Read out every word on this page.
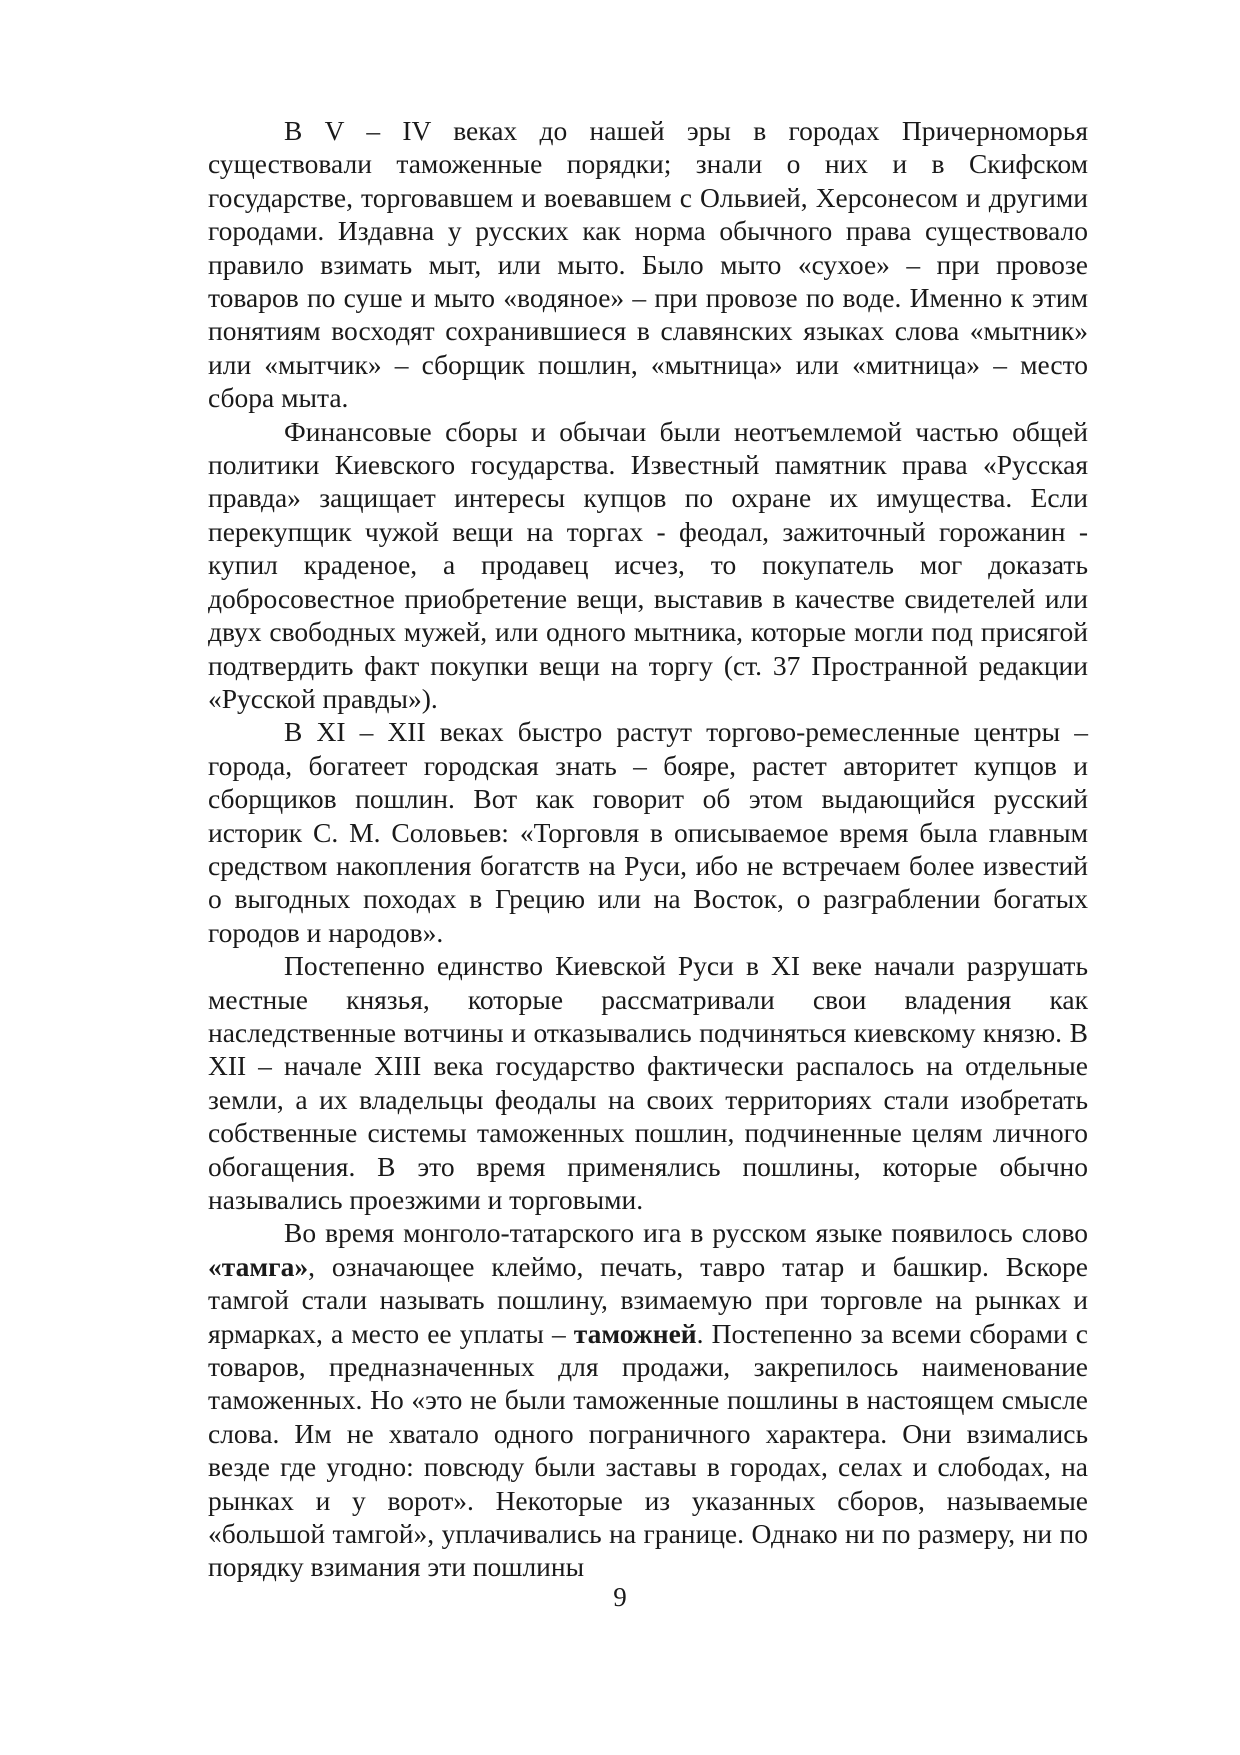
В V – IV веках до нашей эры в городах Причерноморья существовали таможенные порядки; знали о них и в Скифском государстве, торговавшем и воевавшем с Ольвией, Херсонесом и другими городами. Издавна у русских как норма обычного права существовало правило взимать мыт, или мыто. Было мыто «сухое» – при провозе товаров по суше и мыто «водяное» – при провозе по воде. Именно к этим понятиям восходят сохранившиеся в славянских языках слова «мытник» или «мытчик» – сборщик пошлин, «мытница» или «митница» – место сбора мыта.

Финансовые сборы и обычаи были неотъемлемой частью общей политики Киевского государства. Известный памятник права «Русская правда» защищает интересы купцов по охране их имущества. Если перекупщик чужой вещи на торгах - феодал, зажиточный горожанин - купил краденое, а продавец исчез, то покупатель мог доказать добросовестное приобретение вещи, выставив в качестве свидетелей или двух свободных мужей, или одного мытника, которые могли под присягой подтвердить факт покупки вещи на торгу (ст. 37 Пространной редакции «Русской правды»).

В XI – XII веках быстро растут торгово-ремесленные центры – города, богатеет городская знать – бояре, растет авторитет купцов и сборщиков пошлин. Вот как говорит об этом выдающийся русский историк С. М. Соловьев: «Торговля в описываемое время была главным средством накопления богатств на Руси, ибо не встречаем более известий о выгодных походах в Грецию или на Восток, о разграблении богатых городов и народов».

Постепенно единство Киевской Руси в XI веке начали разрушать местные князья, которые рассматривали свои владения как наследственные вотчины и отказывались подчиняться киевскому князю. В XII – начале XIII века государство фактически распалось на отдельные земли, а их владельцы феодалы на своих территориях стали изобретать собственные системы таможенных пошлин, подчиненные целям личного обогащения. В это время применялись пошлины, которые обычно назывались проезжими и торговыми.

Во время монголо-татарского ига в русском языке появилось слово «тамга», означающее клеймо, печать, тавро татар и башкир. Вскоре тамгой стали называть пошлину, взимаемую при торговле на рынках и ярмарках, а место ее уплаты – таможней. Постепенно за всеми сборами с товаров, предназначенных для продажи, закрепилось наименование таможенных. Но «это не были таможенные пошлины в настоящем смысле слова. Им не хватало одного пограничного характера. Они взимались везде где угодно: повсюду были заставы в городах, селах и слободах, на рынках и у ворот». Некоторые из указанных сборов, называемые «большой тамгой», уплачивались на границе. Однако ни по размеру, ни по порядку взимания эти пошлины

9
